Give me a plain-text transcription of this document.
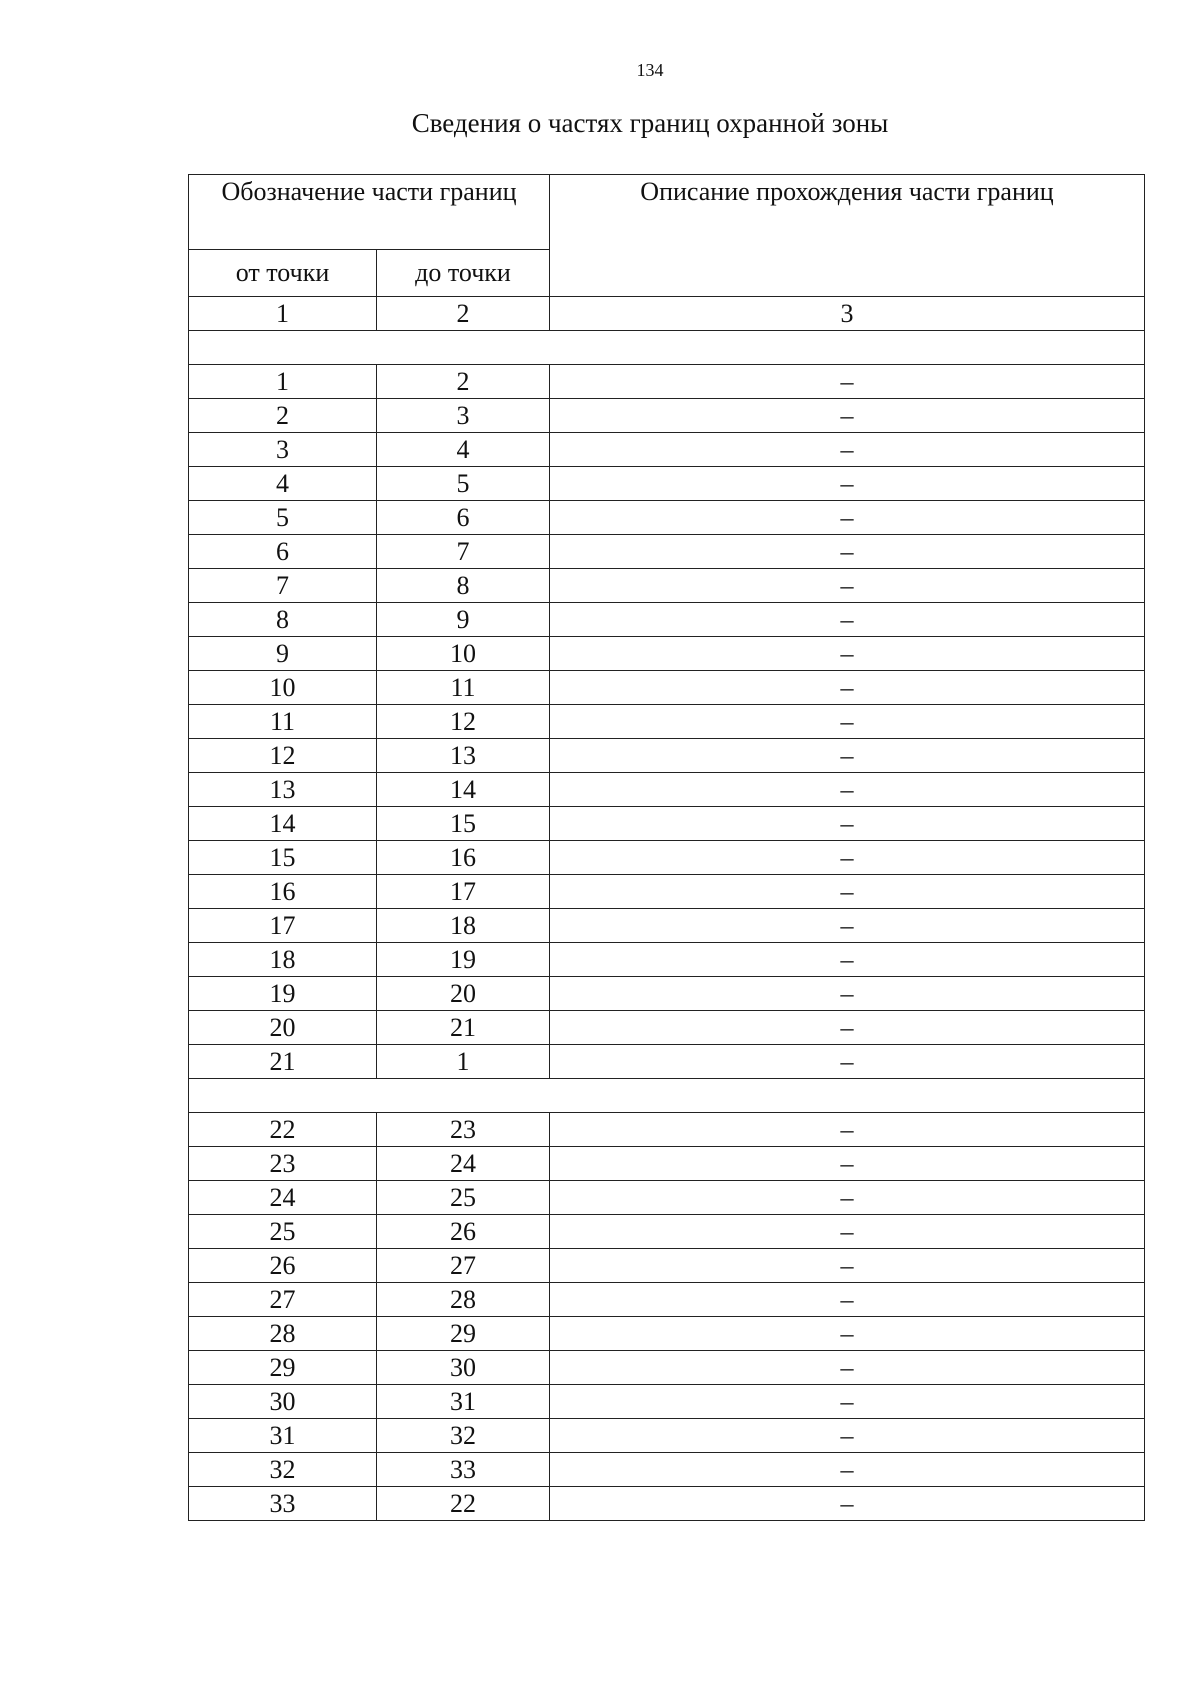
134
Сведения о частях границ охранной зоны
Обозначение части границ		Описание прохождения части границ
от точки	до точки	
1	2	3

1	2	–
2	3	–
3	4	–
4	5	–
5	6	–
6	7	–
7	8	–
8	9	–
9	10	–
10	11	–
11	12	–
12	13	–
13	14	–
14	15	–
15	16	–
16	17	–
17	18	–
18	19	–
19	20	–
20	21	–
21	1	–

22	23	–
23	24	–
24	25	–
25	26	–
26	27	–
27	28	–
28	29	–
29	30	–
30	31	–
31	32	–
32	33	–
33	22	–
